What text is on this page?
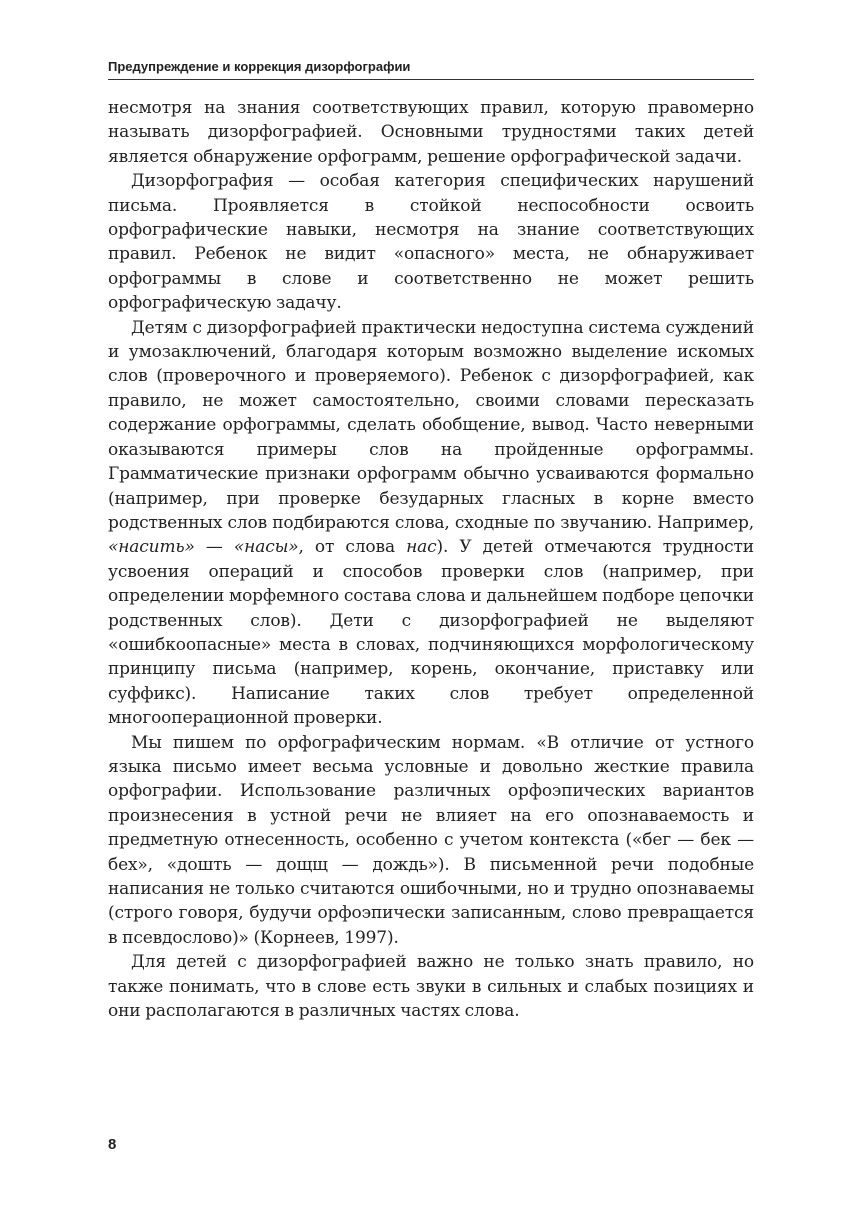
Предупреждение и коррекция дизорфографии

несмотря на знания соответствующих правил, которую правомерно называть дизорфографией. Основными трудностями таких детей является обнаружение орфограмм, решение орфографической задачи.

Дизорфография — особая категория специфических нарушений письма. Проявляется в стойкой неспособности освоить орфографические навыки, несмотря на знание соответствующих правил. Ребенок не видит «опасного» места, не обнаруживает орфограммы в слове и соответственно не может решить орфографическую задачу.

Детям с дизорфографией практически недоступна система суждений и умозаключений, благодаря которым возможно выделение искомых слов (проверочного и проверяемого). Ребенок с дизорфографией, как правило, не может самостоятельно, своими словами пересказать содержание орфограммы, сделать обобщение, вывод. Часто неверными оказываются примеры слов на пройденные орфограммы. Грамматические признаки орфограмм обычно усваиваются формально (например, при проверке безударных гласных в корне вместо родственных слов подбираются слова, сходные по звучанию. Например, «насить» — «насы», от слова нас). У детей отмечаются трудности усвоения операций и способов проверки слов (например, при определении морфемного состава слова и дальнейшем подборе цепочки родственных слов). Дети с дизорфографией не выделяют «ошибкоопасные» места в словах, подчиняющихся морфологическому принципу письма (например, корень, окончание, приставку или суффикс). Написание таких слов требует определенной многооперационной проверки.

Мы пишем по орфографическим нормам. «В отличие от устного языка письмо имеет весьма условные и довольно жесткие правила орфографии. Использование различных орфоэпических вариантов произнесения в устной речи не влияет на его опознаваемость и предметную отнесенность, особенно с учетом контекста («бег — бек — бех», «дошть — дощщ — дождь»). В письменной речи подобные написания не только считаются ошибочными, но и трудно опознаваемы (строго говоря, будучи орфоэпически записанным, слово превращается в псевдослово)» (Корнеев, 1997).

Для детей с дизорфографией важно не только знать правило, но также понимать, что в слове есть звуки в сильных и слабых позициях и они располагаются в различных частях слова.

8
